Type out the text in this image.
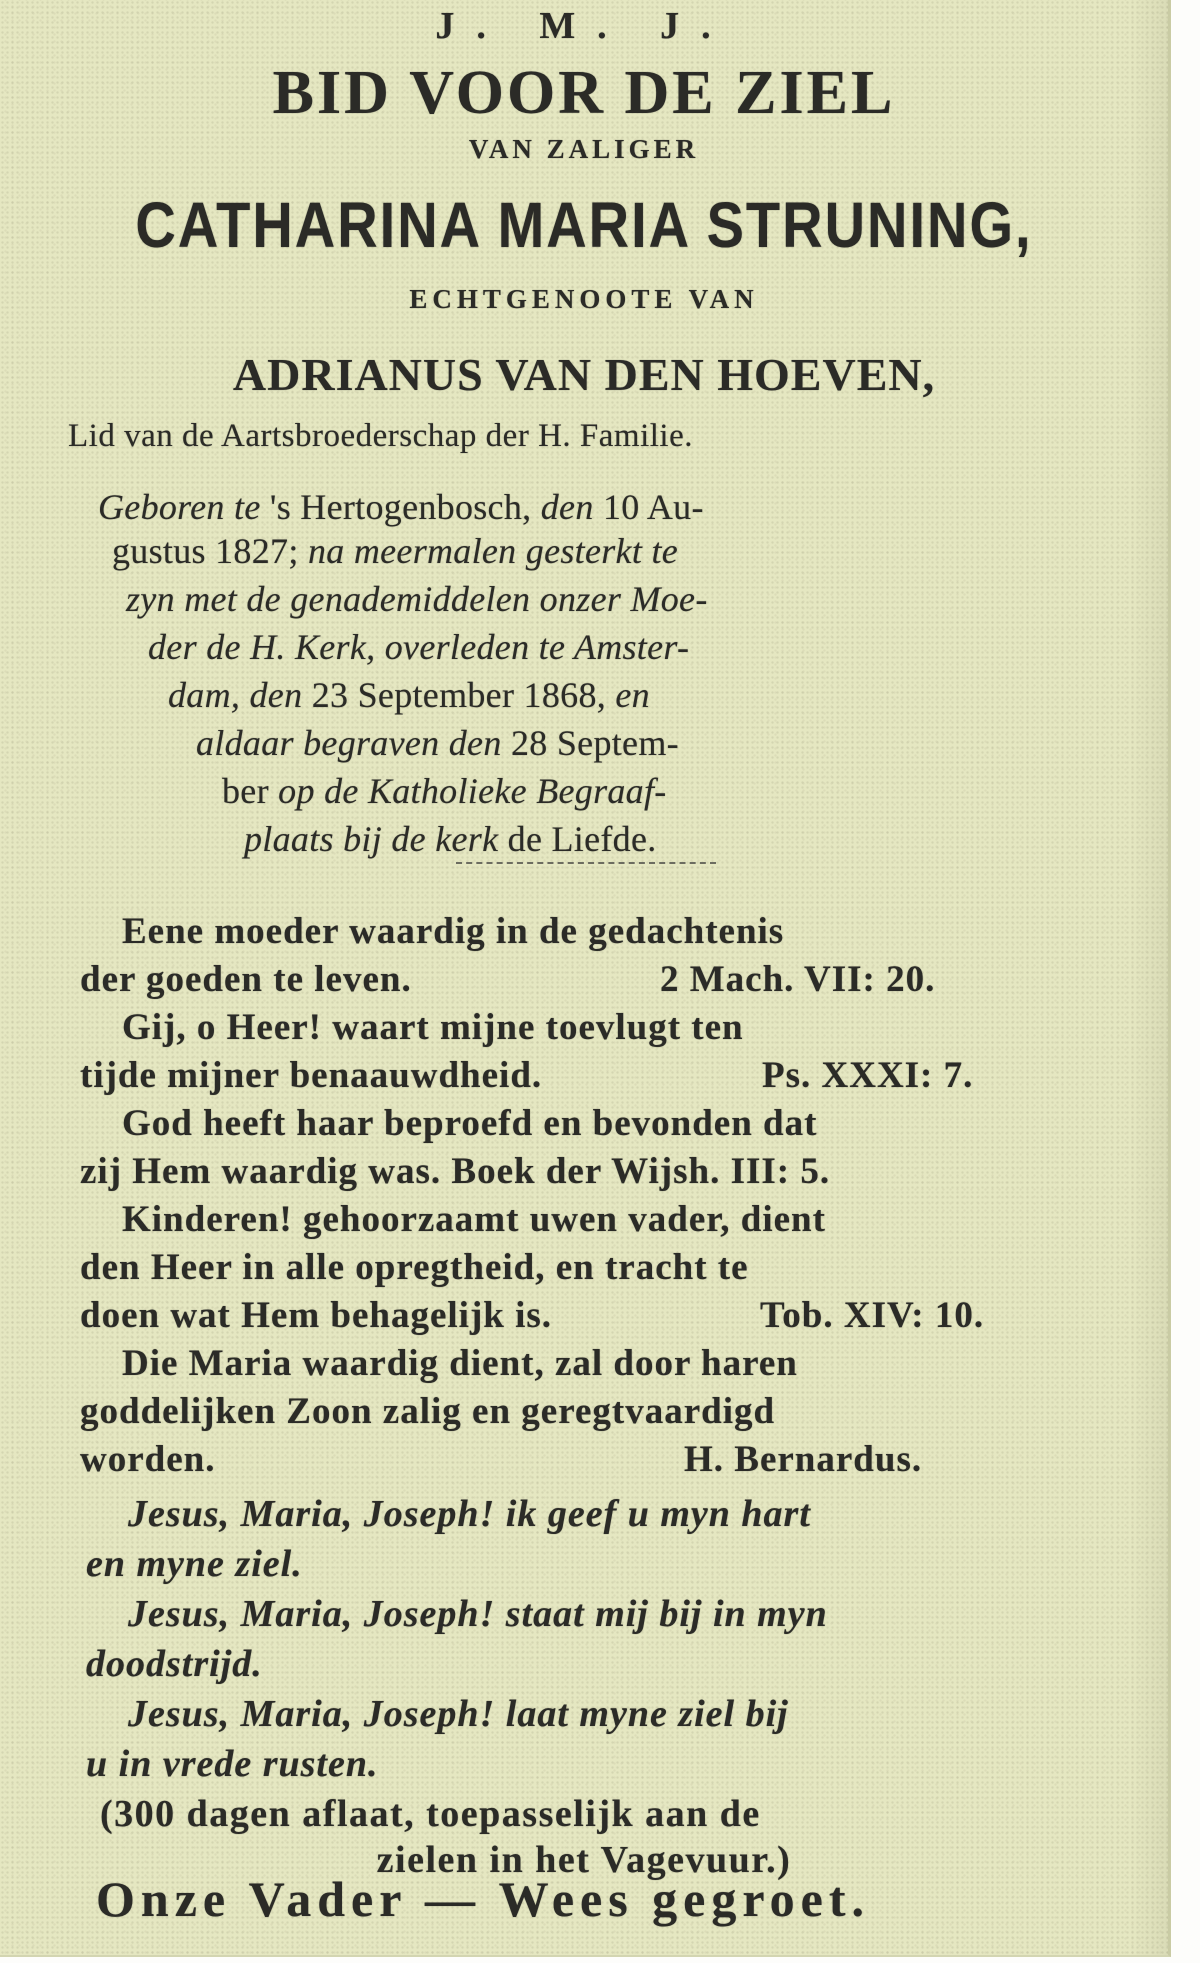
J. M. J.
BID VOOR DE ZIEL
VAN ZALIGER
CATHARINA MARIA STRUNING,
ECHTGENOOTE VAN
ADRIANUS VAN DEN HOEVEN,
Lid van de Aartsbroederschap der H. Familie.
Geboren te 's Hertogenbosch, den 10 Au-
gustus 1827; na meermalen gesterkt te
zyn met de genademiddelen onzer Moe-
der de H. Kerk, overleden te Amster-
dam, den 23 September 1868, en
aldaar begraven den 28 Septem-
ber op de Katholieke Begraaf-
plaats bij de kerk de Liefde.
Eene moeder waardig in de gedachtenis
der goeden te leven.	2 Mach. VII: 20.
Gij, o Heer! waart mijne toevlugt ten
tijde mijner benaauwdheid.	Ps. XXXI: 7.
God heeft haar beproefd en bevonden dat
zij Hem waardig was. Boek der Wijsh. III: 5.
Kinderen! gehoorzaamt uwen vader, dient
den Heer in alle opregtheid, en tracht te
doen wat Hem behagelijk is.	Tob. XIV: 10.
Die Maria waardig dient, zal door haren
goddelijken Zoon zalig en geregtvaardigd
worden.	H. Bernardus.
Jesus, Maria, Joseph! ik geef u myn hart
en myne ziel.
Jesus, Maria, Joseph! staat mij bij in myn
doodstrijd.
Jesus, Maria, Joseph! laat myne ziel bij
u in vrede rusten.
(300 dagen aflaat, toepasselijk aan de
zielen in het Vagevuur.)
Onze Vader — Wees gegroet.
